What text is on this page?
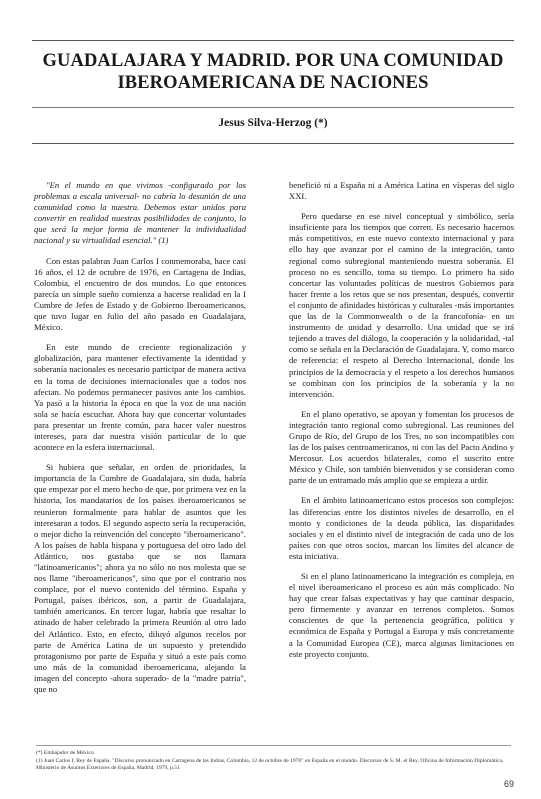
GUADALAJARA Y MADRID. POR UNA COMUNIDAD IBEROAMERICANA DE NACIONES
Jesus Silva-Herzog (*)

"En el mundo en que vivimos -configurado por los problemas a escala universal- no cabría lo desunión de una comunidad como la nuestra. Debemos estar unidos para convertir en realidad nuestras posibilidades de conjunto, lo que será la mejor forma de mantener la individualidad nacional y su virtualidad esencial." (1)

Con estas palabras Juan Carlos I conmemoraba, hace casi 16 años, el 12 de octubre de 1976, en Cartagena de Indias, Colombia, el encuentro de dos mundos. Lo que entonces parecía un simple sueño comienza a hacerse realidad en la I Cumbre de Jefes de Estado y de Gobierno Iberoamericanos, que tuvo lugar en Julio del año pasado en Guadalajara, México.

En este mundo de creciente regionalización y globalización, para mantener efectivamente la identidad y soberanía nacionales es necesario participar de manera activa en la toma de decisiones internacionales que a todos nos afectan. No podemos permanecer pasivos ante los cambios. Ya pasó a la historia la época en que la voz de una nación sola se hacía escuchar. Ahora hay que concertar voluntades para presentar un frente común, para hacer valer nuestros intereses, para dar nuestra visión particular de lo que acontece en la esfera internacional.

Si hubiera que señalar, en orden de prioridades, la importancia de la Cumbre de Guadalajara, sin duda, habría que empezar por el mero hecho de que, por primera vez en la historia, los mandatarios de los países iberoamericanos se reunieron formalmente para hablar de asuntos que les interesaran a todos. El segundo aspecto sería la recuperación, o mejor dicho la reinvención del concepto "iberoamericano". A los países de habla hispana y portuguesa del otro lado del Atlántico, nos gustaba que se nos llamara "latinoamericanos"; ahora ya no sólo no nos molesta que se nos llame "iberoamericanos", sino que por el contrario nos complace, por el nuevo contenido del término. España y Portugal, países ibéricos, son, a partir de Guadalajara, también americanos. En tercer lugar, habría que resaltar lo atinado de haber celebrado la primera Reunión al otro lado del Atlántico. Esto, en efecto, diluyó algunos recelos por parte de América Latina de un supuesto y pretendido protagonismo por parte de España y situó a este país como uno más de la comunidad iberoamericana, alejando la imagen del concepto -ahora superado- de la "madre patria", que no

benefició ni a España ni a América Latina en vísperas del siglo XXI.

Pero quedarse en ese nivel conceptual y simbólico, sería insuficiente para los tiempos que corren. Es necesario hacernos más competitivos, en este nuevo contexto internacional y para ello hay que avanzar por el camino de la integración, tanto regional como subregional manteniendo nuestra soberanía. El proceso no es sencillo, toma su tiempo. Lo primero ha sido concertar las voluntades políticas de nuestros Gobiernos para hacer frente a los retos que se nos presentan, después, convertir el conjunto de afinidades históricas y culturales -más importantes que las de la Commonwealth o de la francofonía- en un instrumento de unidad y desarrollo. Una unidad que se irá tejiendo a traves del diálogo, la cooperación y la solidaridad, -tal como se señala en la Declaración de Guadalajara. Y, como marco de referencia: el respeto al Derecho Internacional, donde los principios de la democracia y el respeto a los derechos humanos se combinan con los principios de la soberanía y la no intervención.

En el plano operativo, se apoyan y fomentan los procesos de integración tanto regional como subregional. Las reuniones del Grupo de Río, del Grupo de los Tres, no son incompatibles con las de los países centroamericanos, ni con las del Pacto Andino y Mercosur. Los acuerdos bilaterales, como el suscrito entre México y Chile, son también bienvenidos y se consideran como parte de un entramado más amplio que se empieza a urdir.

En el ámbito latinoamericano estos procesos son complejos: las diferencias entre los distintos niveles de desarrollo, en el monto y condiciones de la deuda pública, las disparidades sociales y en el distinto nivel de integración de cada uno de los países con que otros socios, marcan los límites del alcance de esta iniciativa.

Si en el plano latinoamericano la integración es compleja, en el nivel iberoamericano el proceso es aún más complicado. No hay que crear falsas expectativas y hay que caminar despacio, pero firmemente y avanzar en terrenos completos. Somos conscientes de que la pertenencia geográfica, política y económica de España y Portugal a Europa y más concretamente a la Comunidad Europea (CE), marca algunas limitaciones en este proyecto conjunto.

(*) Embajador de México.
(1) Juan Carlos I, Rey de España. "Discurso pronunciado en Cartagena de las Indias, Colombia, 12 de octubre de 1976" en España en el mundo. Discursos de S. M. el Rey, Oficina de Información Diplomática, Ministerio de Asuntos Exteriores de España, Madrid, 1979, p.51
69
